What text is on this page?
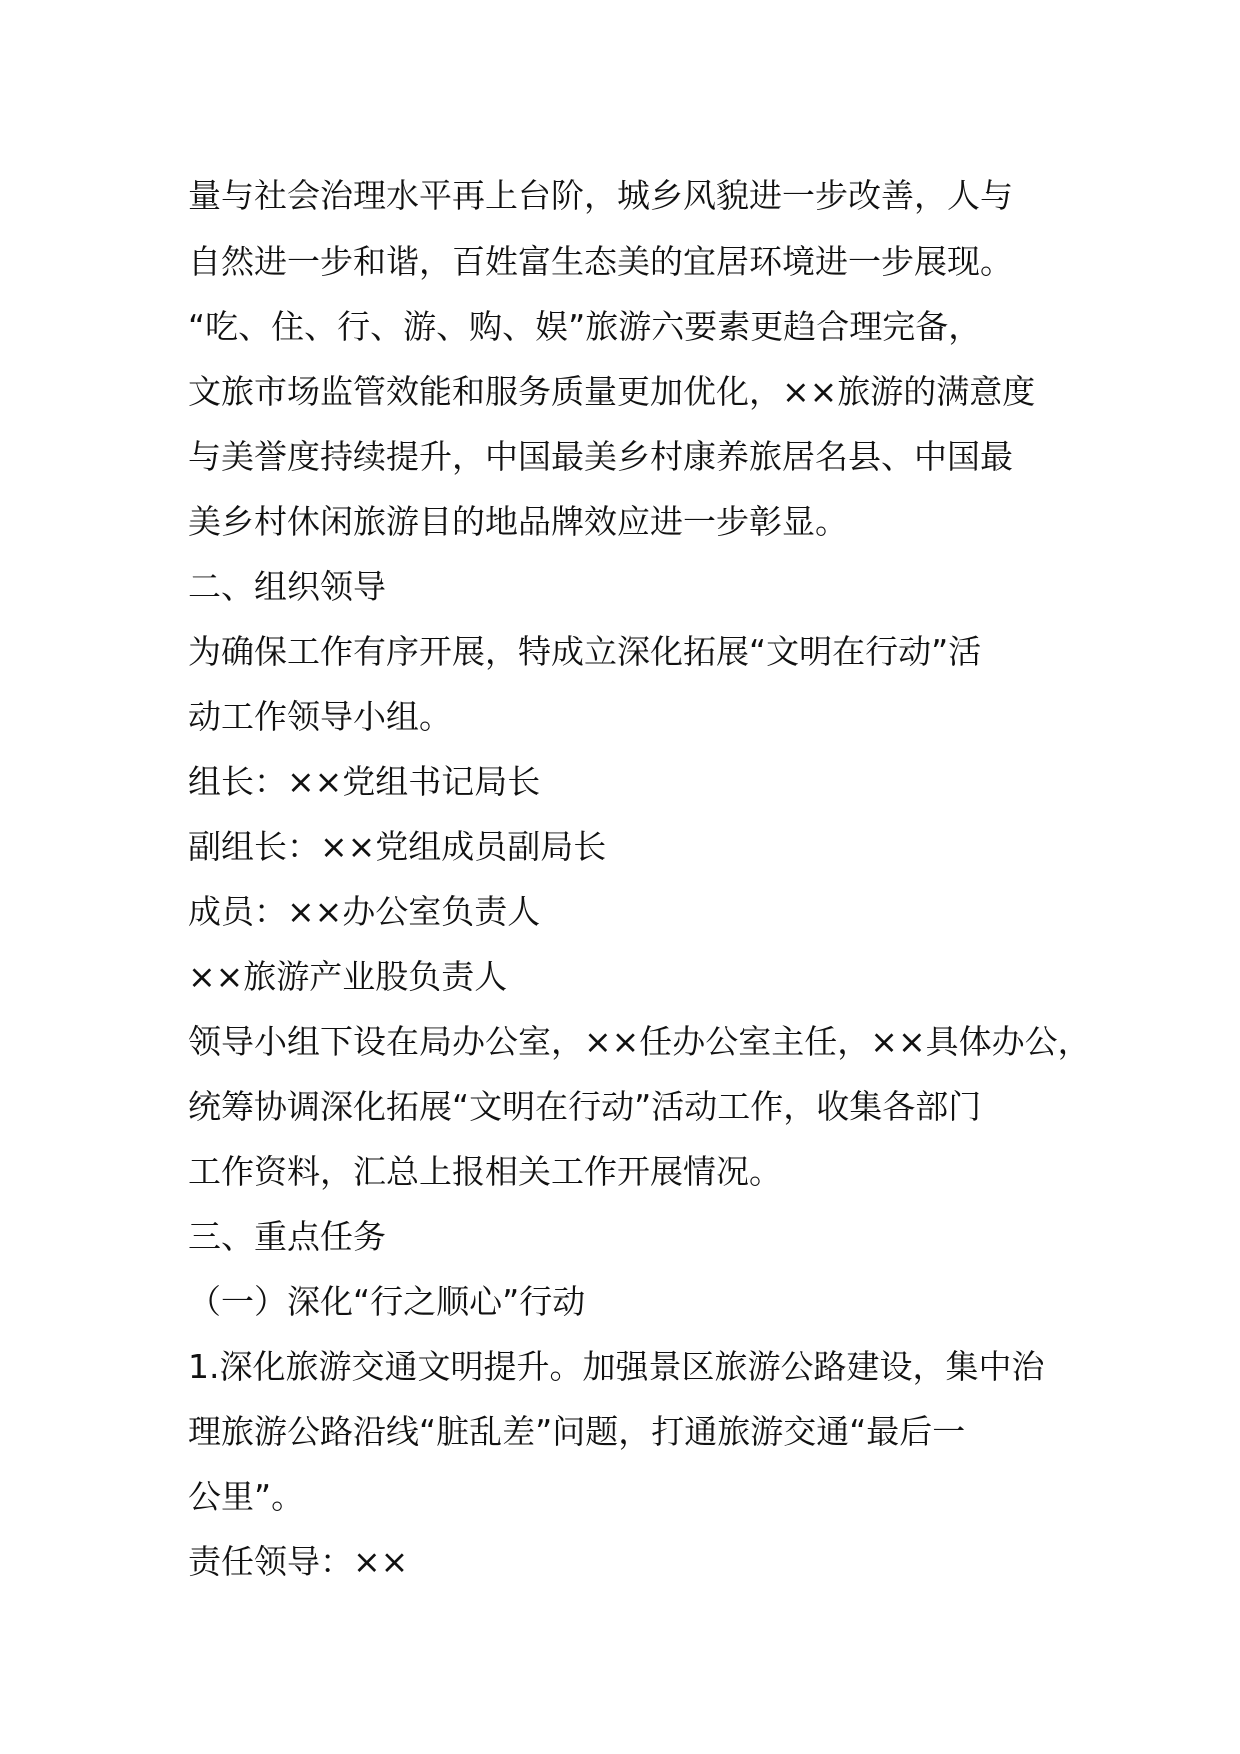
量与社会治理水平再上台阶，城乡风貌进一步改善，人与
自然进一步和谐，百姓富生态美的宜居环境进一步展现。
“吃、住、行、游、购、娱”旅游六要素更趋合理完备，
文旅市场监管效能和服务质量更加优化，××旅游的满意度
与美誉度持续提升，中国最美乡村康养旅居名县、中国最
美乡村休闲旅游目的地品牌效应进一步彰显。
二、组织领导
为确保工作有序开展，特成立深化拓展“文明在行动”活
动工作领导小组。
组长：××党组书记局长
副组长：××党组成员副局长
成员：××办公室负责人
××旅游产业股负责人
领导小组下设在局办公室，××任办公室主任，××具体办公，
统筹协调深化拓展“文明在行动”活动工作，收集各部门
工作资料，汇总上报相关工作开展情况。
三、重点任务
（一）深化“行之顺心”行动
1.深化旅游交通文明提升。加强景区旅游公路建设，集中治
理旅游公路沿线“脏乱差”问题，打通旅游交通“最后一
公里”。
责任领导：××
